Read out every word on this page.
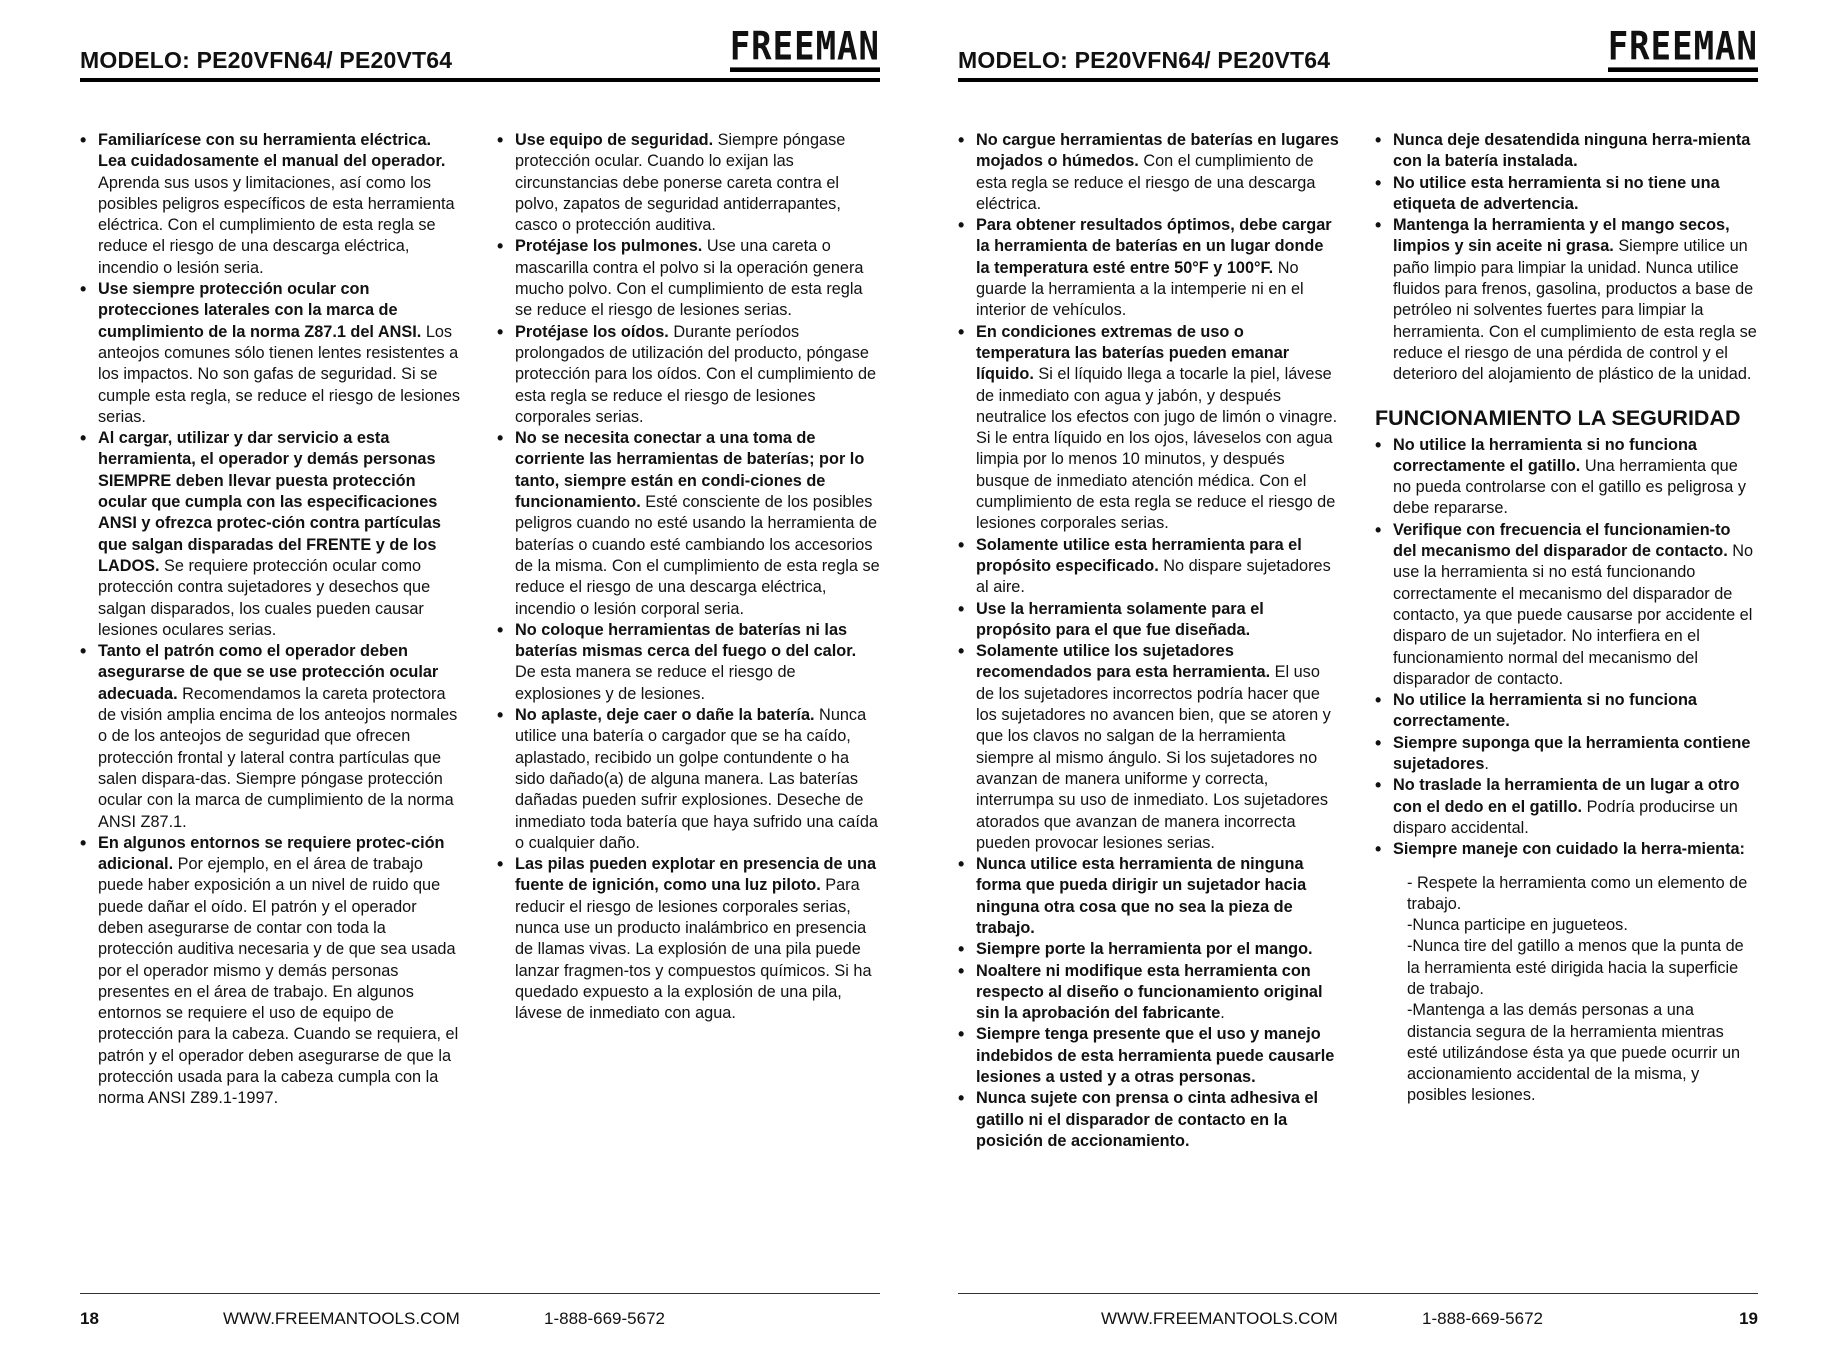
MODELO: PE20VFN64/ PE20VT64	FREEMAN
• Familiarícese con su herramienta eléctrica. Lea cuidadosamente el manual del operador. Aprenda sus usos y limitaciones, así como los posibles peligros específicos de esta herramienta eléctrica. Con el cumplimiento de esta regla se reduce el riesgo de una descarga eléctrica, incendio o lesión seria.
• Use siempre protección ocular con protecciones laterales con la marca de cumplimiento de la norma Z87.1 del ANSI. Los anteojos comunes sólo tienen lentes resistentes a los impactos. No son gafas de seguridad. Si se cumple esta regla, se reduce el riesgo de lesiones serias.
• Al cargar, utilizar y dar servicio a esta herramienta, el operador y demás personas SIEMPRE deben llevar puesta protección ocular que cumpla con las especificaciones ANSI y ofrezca protec-ción contra partículas que salgan disparadas del FRENTE y de los LADOS. Se requiere protección ocular como protección contra sujetadores y desechos que salgan disparados, los cuales pueden causar lesiones oculares serias.
• Tanto el patrón como el operador deben asegurarse de que se use protección ocular adecuada. Recomendamos la careta protectora de visión amplia encima de los anteojos normales o de los anteojos de seguridad que ofrecen protección frontal y lateral contra partículas que salen dispara-das. Siempre póngase protección ocular con la marca de cumplimiento de la norma ANSI Z87.1.
• En algunos entornos se requiere protec-ción adicional. Por ejemplo, en el área de trabajo puede haber exposición a un nivel de ruido que puede dañar el oído. El patrón y el operador deben asegurarse de contar con toda la protección auditiva necesaria y de que sea usada por el operador mismo y demás personas presentes en el área de trabajo. En algunos entornos se requiere el uso de equipo de protección para la cabeza. Cuando se requiera, el patrón y el operador deben asegurarse de que la protección usada para la cabeza cumpla con la norma ANSI Z89.1-1997.
• Use equipo de seguridad. Siempre póngase protección ocular. Cuando lo exijan las circunstancias debe ponerse careta contra el polvo, zapatos de seguridad antiderrapantes, casco o protección auditiva.
• Protéjase los pulmones. Use una careta o mascarilla contra el polvo si la operación genera mucho polvo. Con el cumplimiento de esta regla se reduce el riesgo de lesiones serias.
• Protéjase los oídos. Durante períodos prolongados de utilización del producto, póngase protección para los oídos. Con el cumplimiento de esta regla se reduce el riesgo de lesiones corporales serias.
• No se necesita conectar a una toma de corriente las herramientas de baterías; por lo tanto, siempre están en condi-ciones de funcionamiento. Esté consciente de los posibles peligros cuando no esté usando la herramienta de baterías o cuando esté cambiando los accesorios de la misma. Con el cumplimiento de esta regla se reduce el riesgo de una descarga eléctrica, incendio o lesión corporal seria.
• No coloque herramientas de baterías ni las baterías mismas cerca del fuego o del calor. De esta manera se reduce el riesgo de explosiones y de lesiones.
• No aplaste, deje caer o dañe la batería. Nunca utilice una batería o cargador que se ha caído, aplastado, recibido un golpe contundente o ha sido dañado(a) de alguna manera. Las baterías dañadas pueden sufrir explosiones. Deseche de inmediato toda batería que haya sufrido una caída o cualquier daño.
• Las pilas pueden explotar en presencia de una fuente de ignición, como una luz piloto. Para reducir el riesgo de lesiones corporales serias, nunca use un producto inalámbrico en presencia de llamas vivas. La explosión de una pila puede lanzar fragmen-tos y compuestos químicos. Si ha quedado expuesto a la explosión de una pila, lávese de inmediato con agua.
18	WWW.FREEMANTOOLS.COM	1-888-669-5672
MODELO: PE20VFN64/ PE20VT64	FREEMAN
• No cargue herramientas de baterías en lugares mojados o húmedos. Con el cumplimiento de esta regla se reduce el riesgo de una descarga eléctrica.
• Para obtener resultados óptimos, debe cargar la herramienta de baterías en un lugar donde la temperatura esté entre 50°F y 100°F. No guarde la herramienta a la intemperie ni en el interior de vehículos.
• En condiciones extremas de uso o temperatura las baterías pueden emanar líquido. Si el líquido llega a tocarle la piel, lávese de inmediato con agua y jabón, y después neutralice los efectos con jugo de limón o vinagre. Si le entra líquido en los ojos, láveselos con agua limpia por lo menos 10 minutos, y después busque de inmediato atención médica. Con el cumplimiento de esta regla se reduce el riesgo de lesiones corporales serias.
• Solamente utilice esta herramienta para el propósito especificado. No dispare sujetadores al aire.
• Use la herramienta solamente para el propósito para el que fue diseñada.
• Solamente utilice los sujetadores recomendados para esta herramienta. El uso de los sujetadores incorrectos podría hacer que los sujetadores no avancen bien, que se atoren y que los clavos no salgan de la herramienta siempre al mismo ángulo. Si los sujetadores no avanzan de manera uniforme y correcta, interrumpa su uso de inmediato. Los sujetadores atorados que avanzan de manera incorrecta pueden provocar lesiones serias.
• Nunca utilice esta herramienta de ninguna forma que pueda dirigir un sujetador hacia ninguna otra cosa que no sea la pieza de trabajo.
• Siempre porte la herramienta por el mango.
• Noaltere ni modifique esta herramienta con respecto al diseño o funcionamiento original sin la aprobación del fabricante.
• Siempre tenga presente que el uso y manejo indebidos de esta herramienta puede causarle lesiones a usted y a otras personas.
• Nunca sujete con prensa o cinta adhesiva el gatillo ni el disparador de contacto en la posición de accionamiento.
• Nunca deje desatendida ninguna herra-mienta con la batería instalada.
• No utilice esta herramienta si no tiene una etiqueta de advertencia.
• Mantenga la herramienta y el mango secos, limpios y sin aceite ni grasa. Siempre utilice un paño limpio para limpiar la unidad. Nunca utilice fluidos para frenos, gasolina, productos a base de petróleo ni solventes fuertes para limpiar la herramienta. Con el cumplimiento de esta regla se reduce el riesgo de una pérdida de control y el deterioro del alojamiento de plástico de la unidad.
FUNCIONAMIENTO LA SEGURIDAD
• No utilice la herramienta si no funciona correctamente el gatillo. Una herramienta que no pueda controlarse con el gatillo es peligrosa y debe repararse.
• Verifique con frecuencia el funcionamien-to del mecanismo del disparador de contacto. No use la herramienta si no está funcionando correctamente el mecanismo del disparador de contacto, ya que puede causarse por accidente el disparo de un sujetador. No interfiera en el funcionamiento normal del mecanismo del disparador de contacto.
• No utilice la herramienta si no funciona correctamente.
• Siempre suponga que la herramienta contiene sujetadores.
• No traslade la herramienta de un lugar a otro con el dedo en el gatillo. Podría producirse un disparo accidental.
• Siempre maneje con cuidado la herra-mienta:

- Respete la herramienta como un elemento de trabajo.

-Nunca participe en jugueteos.

-Nunca tire del gatillo a menos que la punta de la herramienta esté dirigida hacia la superficie de trabajo.

-Mantenga a las demás personas a una distancia segura de la herramienta mientras esté utilizándose ésta ya que puede ocurrir un accionamiento accidental de la misma, y posibles lesiones.

WWW.FREEMANTOOLS.COM	1-888-669-5672	19
